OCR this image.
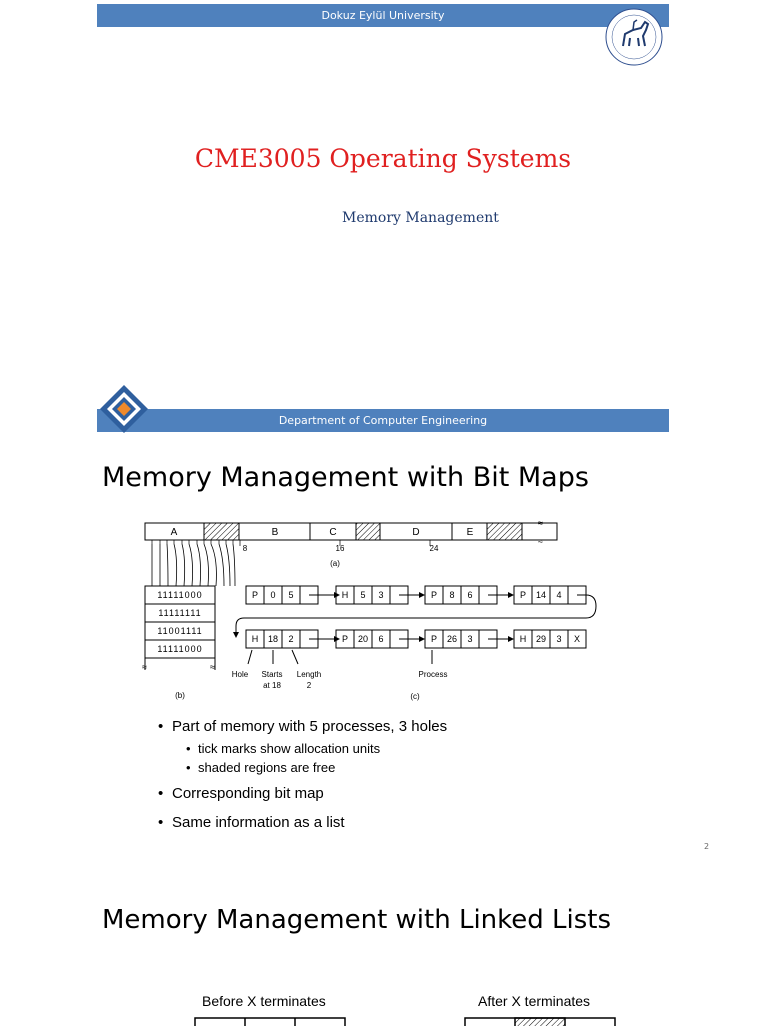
Dokuz Eylül University
CME3005 Operating Systems
Memory Management
Department of Computer Engineering
Memory Management with Bit Maps
A	B	C	D	E
8	16	24
(a)
≈
≈
11111000
11111111
11001111
11111000
≈	≈
(b)
P 0 5	H 5 3	P 8 6	P 14 4
H 18 2	P 20 6	P 26 3	H 29 3 X
Hole Starts
at 18
Length
2
Process
(c)
• Part of memory with 5 processes, 3 holes
• tick marks show allocation units
• shaded regions are free
• Corresponding bit map
• Same information as a list
2
Memory Management with Linked Lists
Before X terminates	After X terminates
